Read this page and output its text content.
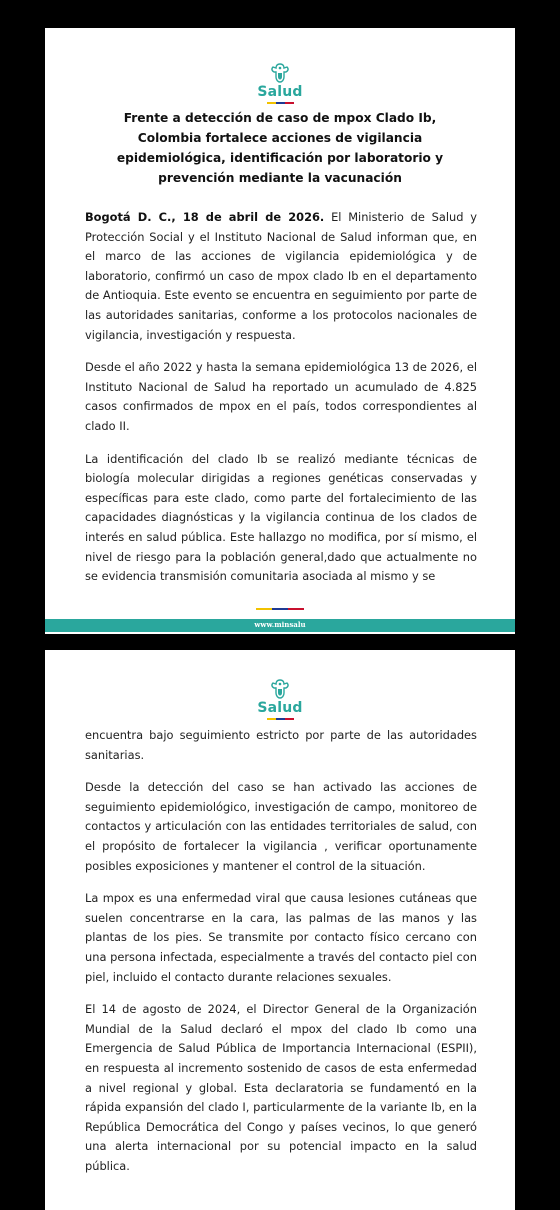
Salud
Frente a detección de caso de mpox Clado Ib, Colombia fortalece acciones de vigilancia epidemiológica, identificación por laboratorio y prevención mediante la vacunación

Bogotá D. C., 18 de abril de 2026. El Ministerio de Salud y Protección Social y el Instituto Nacional de Salud informan que, en el marco de las acciones de vigilancia epidemiológica y de laboratorio, confirmó un caso de mpox clado Ib en el departamento de Antioquia. Este evento se encuentra en seguimiento por parte de las autoridades sanitarias, conforme a los protocolos nacionales de vigilancia, investigación y respuesta.

Desde el año 2022 y hasta la semana epidemiológica 13 de 2026, el Instituto Nacional de Salud ha reportado un acumulado de 4.825 casos confirmados de mpox en el país, todos correspondientes al clado II.

La identificación del clado Ib se realizó mediante técnicas de biología molecular dirigidas a regiones genéticas conservadas y específicas para este clado, como parte del fortalecimiento de las capacidades diagnósticas y la vigilancia continua de los clados de interés en salud pública. Este hallazgo no modifica, por sí mismo, el nivel de riesgo para la población general,dado que actualmente no se evidencia transmisión comunitaria asociada al mismo y se

www.minsalu
Salud

encuentra bajo seguimiento estricto por parte de las autoridades sanitarias.

Desde la detección del caso se han activado las acciones de seguimiento epidemiológico, investigación de campo, monitoreo de contactos y articulación con las entidades territoriales de salud, con el propósito de fortalecer la vigilancia , verificar oportunamente posibles exposiciones y mantener el control de la situación.

La mpox es una enfermedad viral que causa lesiones cutáneas que suelen concentrarse en la cara, las palmas de las manos y las plantas de los pies. Se transmite por contacto físico cercano con una persona infectada, especialmente a través del contacto piel con piel, incluido el contacto durante relaciones sexuales.

El 14 de agosto de 2024, el Director General de la Organización Mundial de la Salud declaró el mpox del clado Ib como una Emergencia de Salud Pública de Importancia Internacional (ESPII), en respuesta al incremento sostenido de casos de esta enfermedad a nivel regional y global. Esta declaratoria se fundamentó en la rápida expansión del clado I, particularmente de la variante Ib, en la República Democrática del Congo y países vecinos, lo que generó una alerta internacional por su potencial impacto en la salud pública.
